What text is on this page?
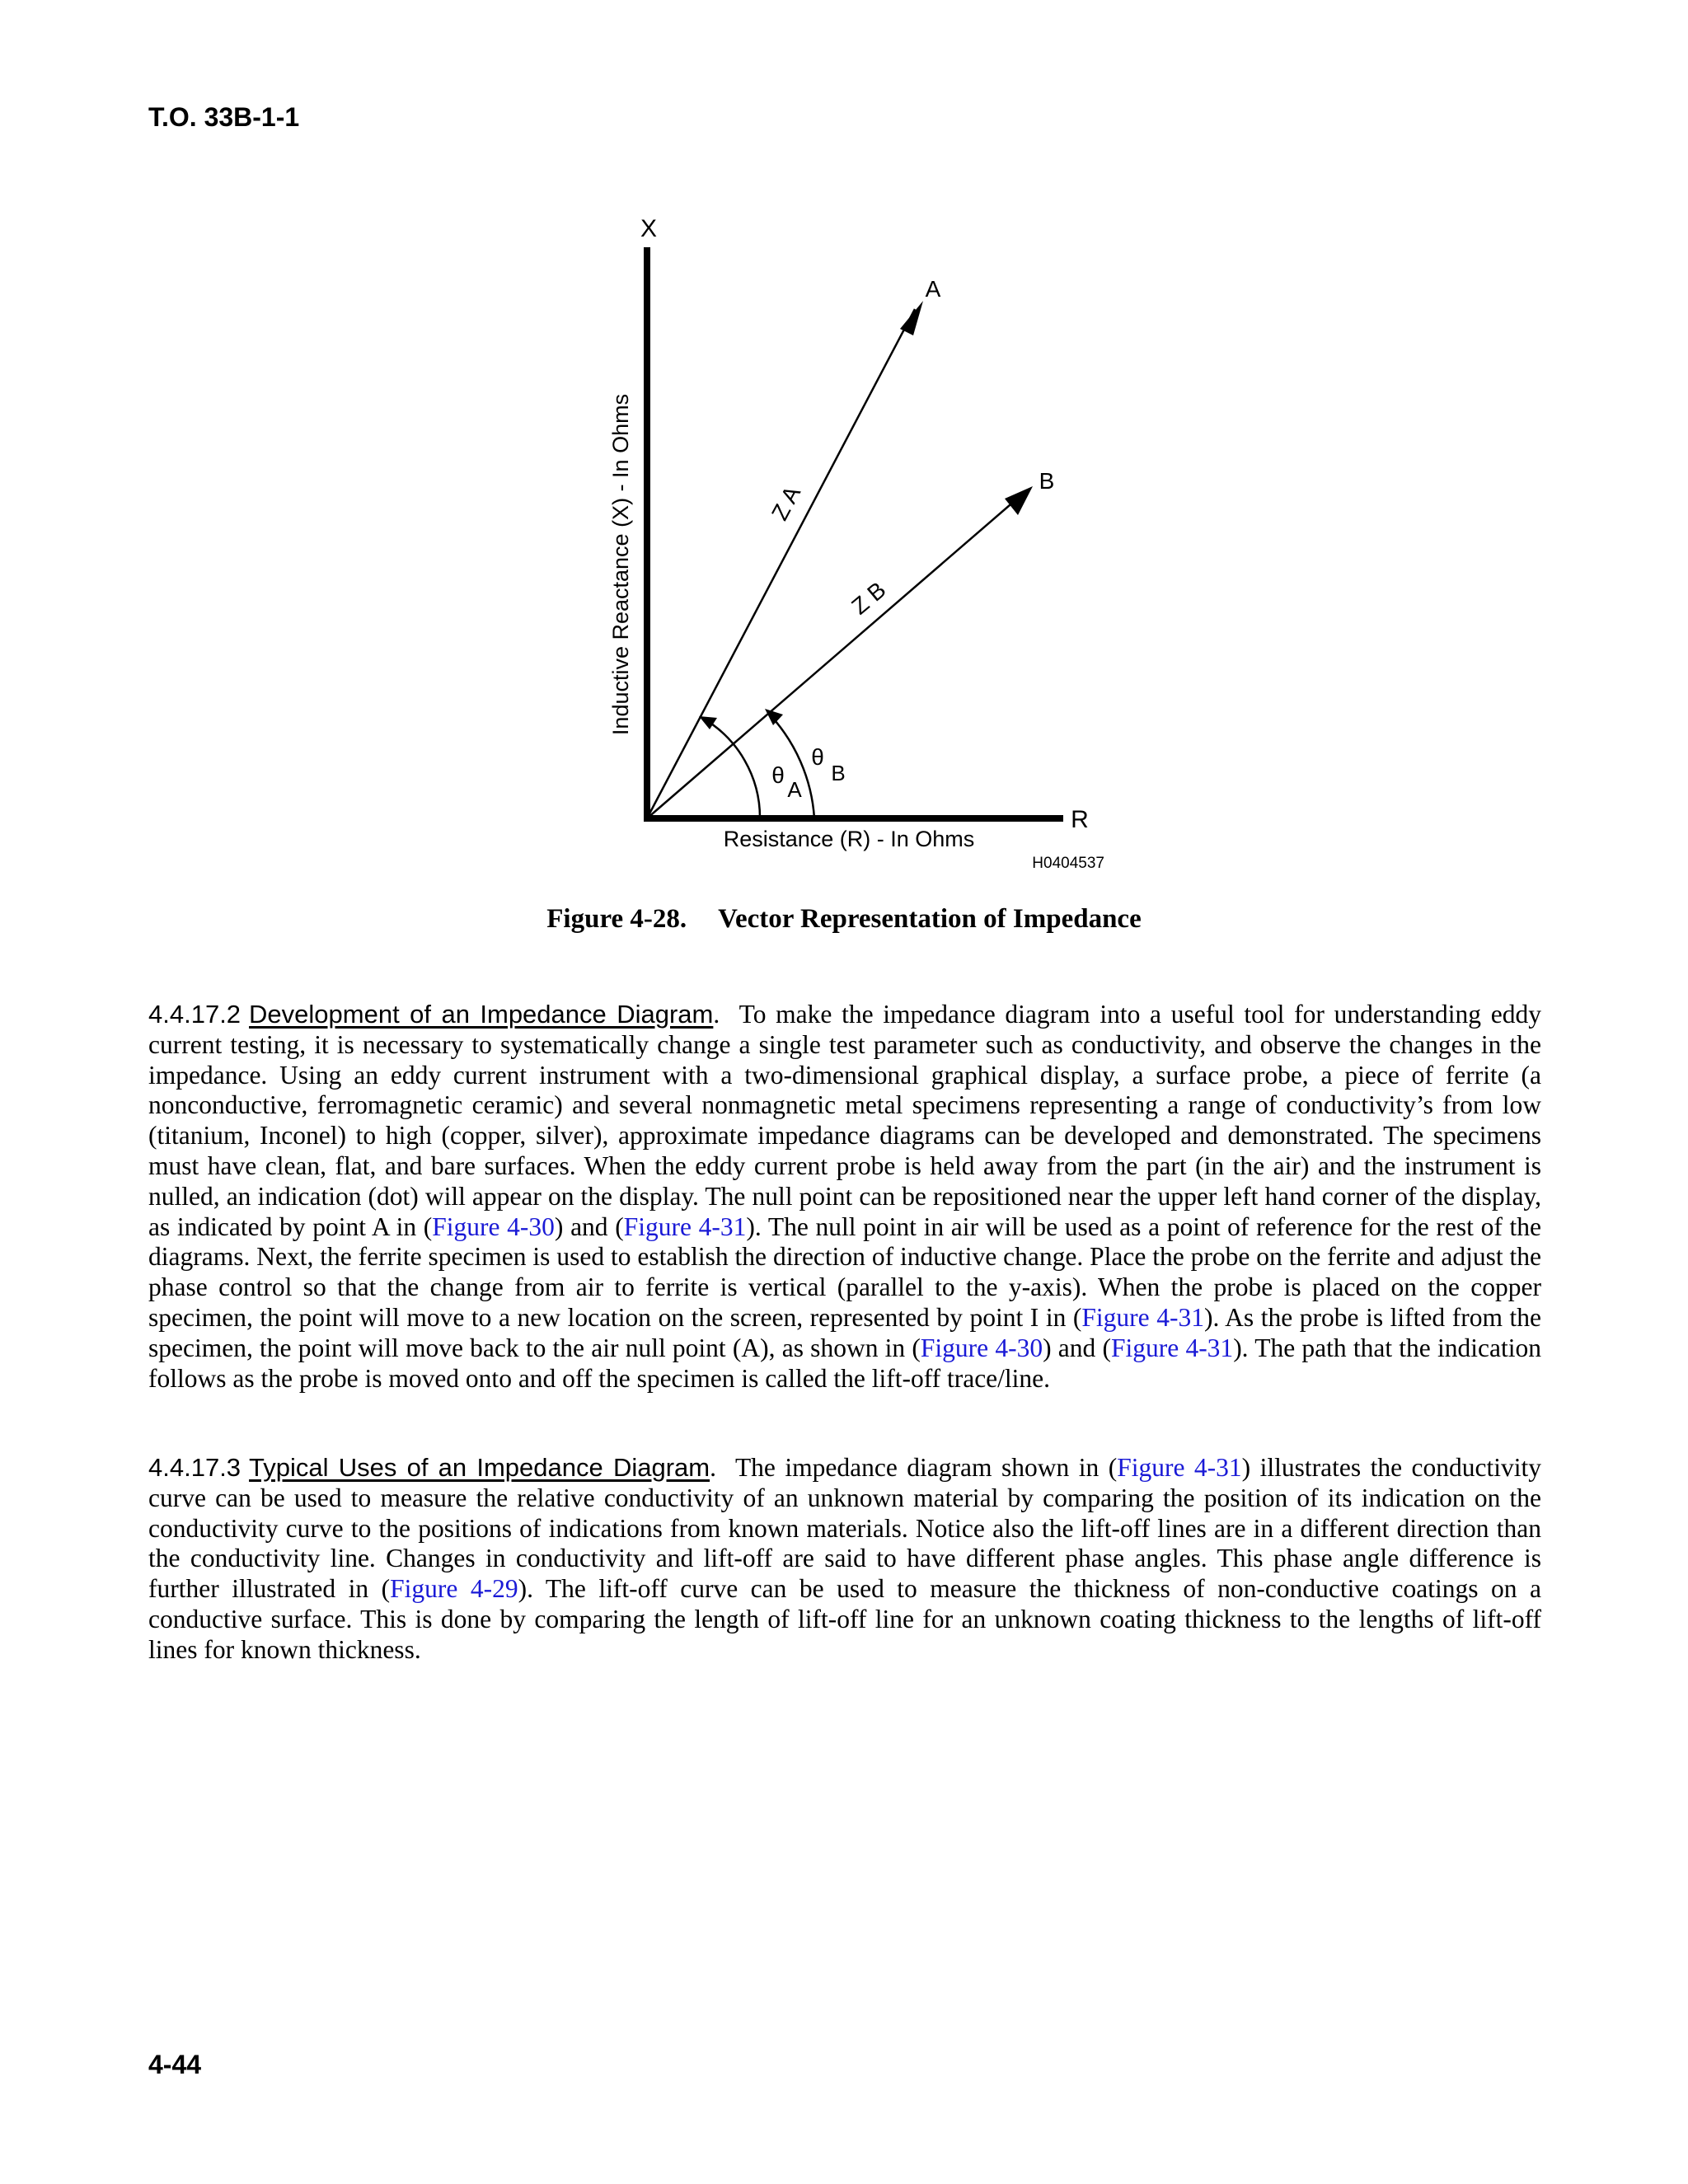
T.O. 33B-1-1
X
R
A
B
Z A
Z B
θ
A
θ
B
Inductive Reactance (X) - In Ohms
Resistance (R) - In Ohms
H0404537
Figure 4-28. Vector Representation of Impedance
4.4.17.2 Development of an Impedance Diagram.  To make the impedance diagram into a useful tool for understanding eddy current testing, it is necessary to systematically change a single test parameter such as conductivity, and observe the changes in the impedance. Using an eddy current instrument with a two-dimensional graphical display, a surface probe, a piece of ferrite (a nonconductive, ferromagnetic ceramic) and several nonmagnetic metal specimens representing a range of conductivity’s from low (titanium, Inconel) to high (copper, silver), approximate impedance diagrams can be developed and demonstrated. The specimens must have clean, flat, and bare surfaces. When the eddy current probe is held away from the part (in the air) and the instrument is nulled, an indication (dot) will appear on the display. The null point can be repositioned near the upper left hand corner of the display, as indicated by point A in (Figure 4-30) and (Figure 4-31). The null point in air will be used as a point of reference for the rest of the diagrams. Next, the ferrite specimen is used to establish the direction of inductive change. Place the probe on the ferrite and adjust the phase control so that the change from air to ferrite is vertical (parallel to the y-axis). When the probe is placed on the copper specimen, the point will move to a new location on the screen, represented by point I in (Figure 4-31). As the probe is lifted from the specimen, the point will move back to the air null point (A), as shown in (Figure 4-30) and (Figure 4-31). The path that the indication follows as the probe is moved onto and off the specimen is called the lift-off trace/line.
4.4.17.3 Typical Uses of an Impedance Diagram.  The impedance diagram shown in (Figure 4-31) illustrates the conductivity curve can be used to measure the relative conductivity of an unknown material by comparing the position of its indication on the conductivity curve to the positions of indications from known materials. Notice also the lift-off lines are in a different direction than the conductivity line. Changes in conductivity and lift-off are said to have different phase angles. This phase angle difference is further illustrated in (Figure 4-29). The lift-off curve can be used to measure the thickness of non-conductive coatings on a conductive surface. This is done by comparing the length of lift-off line for an unknown coating thickness to the lengths of lift-off lines for known thickness.
4-44
